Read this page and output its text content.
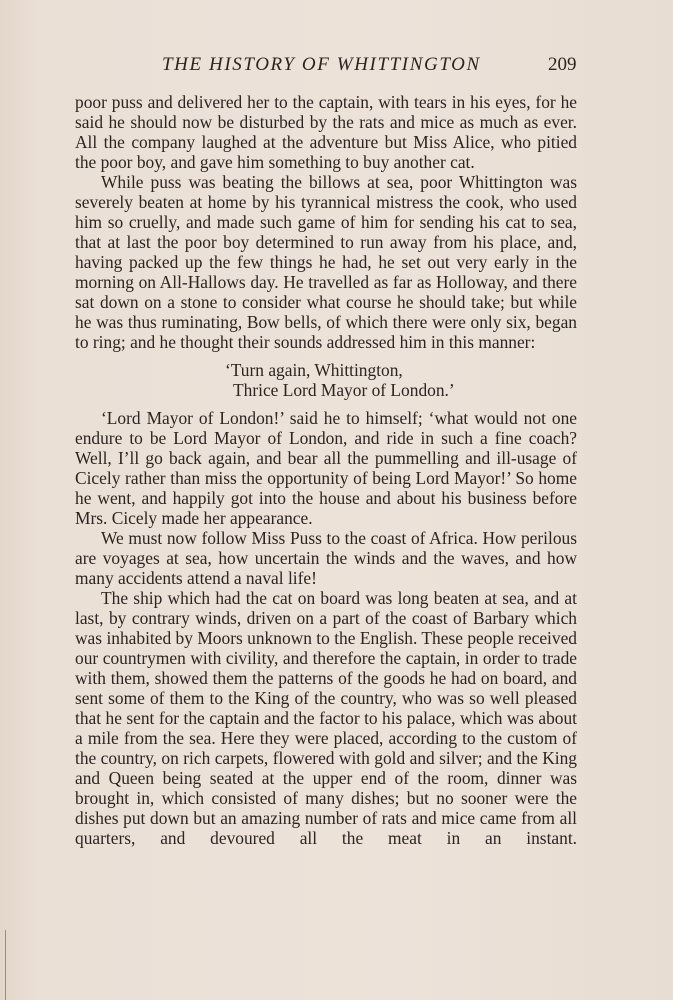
THE HISTORY OF WHITTINGTON	209

poor puss and delivered her to the captain, with tears in his eyes, for he said he should now be disturbed by the rats and mice as much as ever. All the company laughed at the adventure but Miss Alice, who pitied the poor boy, and gave him something to buy another cat.

While puss was beating the billows at sea, poor Whittington was severely beaten at home by his tyrannical mistress the cook, who used him so cruelly, and made such game of him for sending his cat to sea, that at last the poor boy determined to run away from his place, and, having packed up the few things he had, he set out very early in the morning on All-Hallows day. He travelled as far as Holloway, and there sat down on a stone to consider what course he should take; but while he was thus ruminating, Bow bells, of which there were only six, began to ring; and he thought their sounds addressed him in this manner:

‘Turn again, Whittington,
Thrice Lord Mayor of London.’

‘Lord Mayor of London!’ said he to himself; ‘what would not one endure to be Lord Mayor of London, and ride in such a fine coach? Well, I’ll go back again, and bear all the pummelling and ill-usage of Cicely rather than miss the opportunity of being Lord Mayor!’ So home he went, and happily got into the house and about his business before Mrs. Cicely made her appearance.

We must now follow Miss Puss to the coast of Africa. How perilous are voyages at sea, how uncertain the winds and the waves, and how many accidents attend a naval life!

The ship which had the cat on board was long beaten at sea, and at last, by contrary winds, driven on a part of the coast of Barbary which was inhabited by Moors unknown to the English. These people received our countrymen with civility, and therefore the captain, in order to trade with them, showed them the patterns of the goods he had on board, and sent some of them to the King of the country, who was so well pleased that he sent for the captain and the factor to his palace, which was about a mile from the sea. Here they were placed, according to the custom of the country, on rich carpets, flowered with gold and silver; and the King and Queen being seated at the upper end of the room, dinner was brought in, which consisted of many dishes; but no sooner were the dishes put down but an amazing number of rats and mice came from all quarters, and devoured all the meat in an instant.
